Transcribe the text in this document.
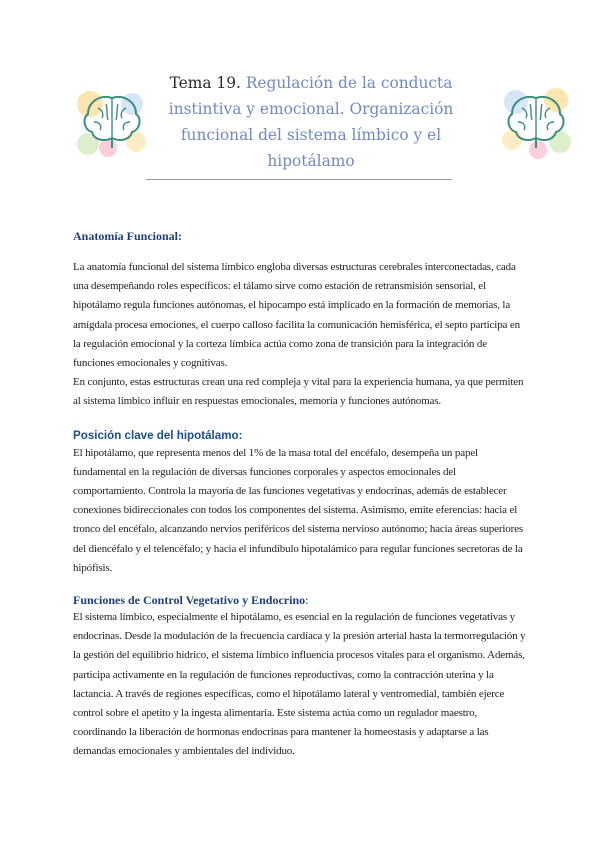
Tema 19. Regulación de la conducta instintiva y emocional. Organización funcional del sistema límbico y el hipotálamo
Anatomía Funcional:

La anatomía funcional del sistema límbico engloba diversas estructuras cerebrales interconectadas, cada una desempeñando roles específicos: el tálamo sirve como estación de retransmisión sensorial, el hipotálamo regula funciones autónomas, el hipocampo está implicado en la formación de memorias, la amígdala procesa emociones, el cuerpo calloso facilita la comunicación hemisférica, el septo participa en la regulación emocional y la corteza límbica actúa como zona de transición para la integración de funciones emocionales y cognitivas.

En conjunto, estas estructuras crean una red compleja y vital para la experiencia humana, ya que permiten al sistema límbico influir en respuestas emocionales, memoria y funciones autónomas.

Posición clave del hipotálamo:

El hipotálamo, que representa menos del 1% de la masa total del encéfalo, desempeña un papel fundamental en la regulación de diversas funciones corporales y aspectos emocionales del comportamiento. Controla la mayoría de las funciones vegetativas y endocrinas, además de establecer conexiones bidireccionales con todos los componentes del sistema. Asimismo, emite eferencias: hacia el tronco del encéfalo, alcanzando nervios periféricos del sistema nervioso autónomo; hacia áreas superiores del diencéfalo y el telencéfalo; y hacia el infundíbulo hipotalámico para regular funciones secretoras de la hipófisis.

Funciones de Control Vegetativo y Endocrino:

El sistema límbico, especialmente el hipotálamo, es esencial en la regulación de funciones vegetativas y endocrinas. Desde la modulación de la frecuencia cardíaca y la presión arterial hasta la termorregulación y la gestión del equilibrio hídrico, el sistema límbico influencia procesos vitales para el organismo. Además, participa activamente en la regulación de funciones reproductivas, como la contracción uterina y la lactancia. A través de regiones específicas, como el hipotálamo lateral y ventromedial, también ejerce control sobre el apetito y la ingesta alimentaria. Este sistema actúa como un regulador maestro, coordinando la liberación de hormonas endocrinas para mantener la homeostasis y adaptarse a las demandas emocionales y ambientales del individuo.
